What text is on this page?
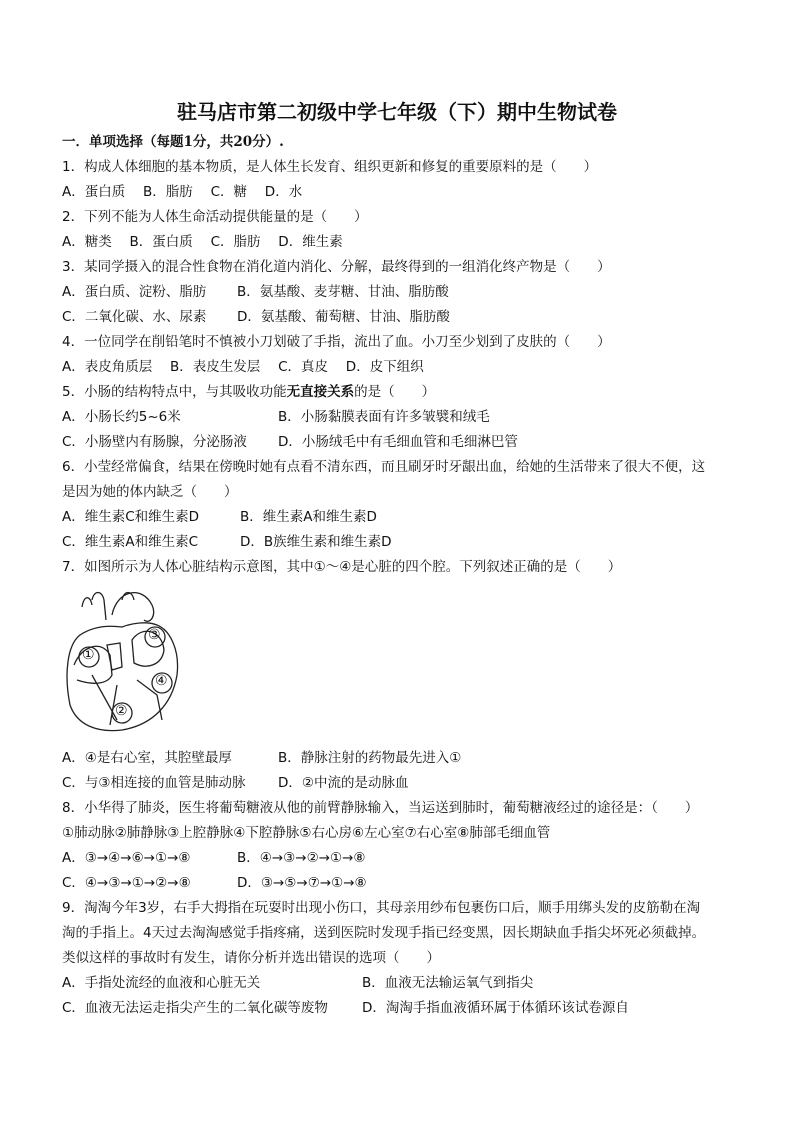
驻马店市第二初级中学七年级（下）期中生物试卷
一．单项选择（每题1分，共20分）.
1．构成人体细胞的基本物质，是人体生长发育、组织更新和修复的重要原料的是（　　）
A．蛋白质　 B．脂肪　 C．糖　 D．水
2．下列不能为人体生命活动提供能量的是（　　）
A．糖类　 B．蛋白质　 C．脂肪　 D．维生素
3．某同学摄入的混合性食物在消化道内消化、分解，最终得到的一组消化终产物是（　　）
A．蛋白质、淀粉、脂肪 B．氨基酸、麦芽糖、甘油、脂肪酸
C．二氧化碳、水、尿素 D．氨基酸、葡萄糖、甘油、脂肪酸
4．一位同学在削铅笔时不慎被小刀划破了手指，流出了血。小刀至少划到了皮肤的（　　）
A．表皮角质层　 B．表皮生发层　 C．真皮　 D．皮下组织
5．小肠的结构特点中，与其吸收功能无直接关系的是（　　）
A．小肠长约5~6米	B．小肠黏膜表面有许多皱襞和绒毛
C．小肠壁内有肠腺，分泌肠液 D．小肠绒毛中有毛细血管和毛细淋巴管
6．小莹经常偏食，结果在傍晚时她有点看不清东西，而且刷牙时牙龈出血，给她的生活带来了很大不便，这
是因为她的体内缺乏（　　）
A．维生素C和维生素D	B．维生素A和维生素D
C．维生素A和维生素C	D．B族维生素和维生素D
7．如图所示为人体心脏结构示意图，其中①～④是心脏的四个腔。下列叙述正确的是（　　）
①
②
③
④
A．④是右心室，其腔壁最厚	B．静脉注射的药物最先进入①
C．与③相连接的血管是肺动脉 D．②中流的是动脉血
8．小华得了肺炎，医生将葡萄糖液从他的前臂静脉输入，当运送到肺时，葡萄糖液经过的途径是：（　　）
①肺动脉②肺静脉③上腔静脉④下腔静脉⑤右心房⑥左心室⑦右心室⑧肺部毛细血管
A．③→④→⑥→①→⑧	B．④→③→②→①→⑧
C．④→③→①→②→⑧	D．③→⑤→⑦→①→⑧
9．淘淘今年3岁，右手大拇指在玩耍时出现小伤口，其母亲用纱布包裹伤口后，顺手用绑头发的皮筋勒在淘
淘的手指上。4天过去淘淘感觉手指疼痛，送到医院时发现手指已经变黑，因长期缺血手指尖坏死必须截掉。
类似这样的事故时有发生，请你分析并选出错误的选项（　　）
A．手指处流经的血液和心脏无关	B．血液无法输运氧气到指尖
C．血液无法运走指尖产生的二氧化碳等废物	D．淘淘手指血液循环属于体循环该试卷源自
